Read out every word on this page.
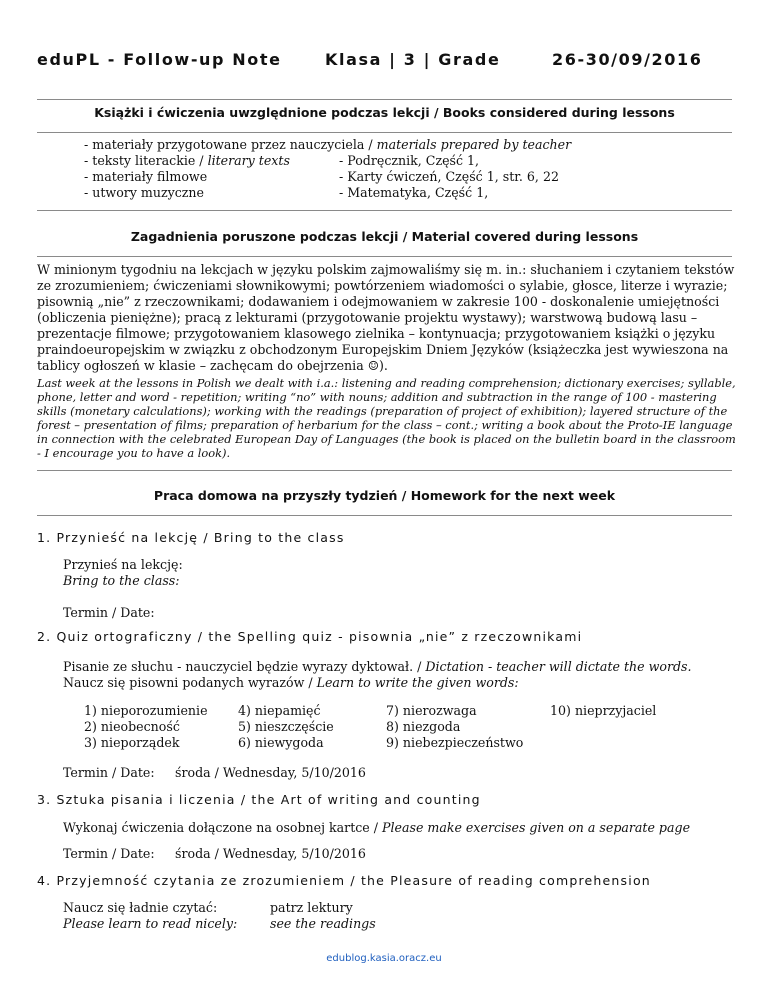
eduPL - Follow-up Note	Klasa | 3 | Grade	26-30/09/2016
Książki i ćwiczenia uwzględnione podczas lekcji / Books considered during lessons
- materiały przygotowane przez nauczyciela / materials prepared by teacher
- teksty literackie / literary texts
- materiały filmowe
- utwory muzyczne
- Podręcznik, Część 1,
- Karty ćwiczeń, Część 1, str. 6, 22
- Matematyka, Część 1,
Zagadnienia poruszone podczas lekcji / Material covered during lessons
W minionym tygodniu na lekcjach w języku polskim zajmowaliśmy się m. in.: słuchaniem i czytaniem tekstów ze zrozumieniem; ćwiczeniami słownikowymi; powtórzeniem wiadomości o sylabie, głosce, literze i wyrazie; pisownią „nie” z rzeczownikami; dodawaniem i odejmowaniem w zakresie 100 - doskonalenie umiejętności (obliczenia pieniężne); pracą z lekturami (przygotowanie projektu wystawy); warstwową budową lasu – prezentacje filmowe; przygotowaniem klasowego zielnika – kontynuacja; przygotowaniem książki o języku praindoeuropejskim w związku z obchodzonym Europejskim Dniem Języków (książeczka jest wywieszona na tablicy ogłoszeń w klasie – zachęcam do obejrzenia ☺).
Last week at the lessons in Polish we dealt with i.a.: listening and reading comprehension; dictionary exercises; syllable, phone, letter and word - repetition; writing “no” with nouns; addition and subtraction in the range of 100 - mastering skills (monetary calculations); working with the readings (preparation of project of exhibition); layered structure of the forest – presentation of films; preparation of herbarium for the class – cont.; writing a book about the Proto-IE language in connection with the celebrated European Day of Languages (the book is placed on the bulletin board in the classroom - I encourage you to have a look).
Praca domowa na przyszły tydzień / Homework for the next week
1. Przynieść na lekcję / Bring to the class
Przynieś na lekcję:
Bring to the class:
Termin / Date:
2. Quiz ortograficzny / the Spelling quiz - pisownia „nie” z rzeczownikami
Pisanie ze słuchu - nauczyciel będzie wyrazy dyktował. / Dictation - teacher will dictate the words.
Naucz się pisowni podanych wyrazów / Learn to write the given words:
1) nieporozumienie
2) nieobecność
3) nieporządek
4) niepamięć
5) nieszczęście
6) niewygoda
7) nierozwaga
8) niezgoda
9) niebezpieczeństwo
10) nieprzyjaciel
Termin / Date: środa / Wednesday, 5/10/2016
3. Sztuka pisania i liczenia / the Art of writing and counting
Wykonaj ćwiczenia dołączone na osobnej kartce / Please make exercises given on a separate page
Termin / Date: środa / Wednesday, 5/10/2016
4. Przyjemność czytania ze zrozumieniem / the Pleasure of reading comprehension
Naucz się ładnie czytać:
Please learn to read nicely:
patrz lektury
see the readings
edublog.kasia.oracz.eu
